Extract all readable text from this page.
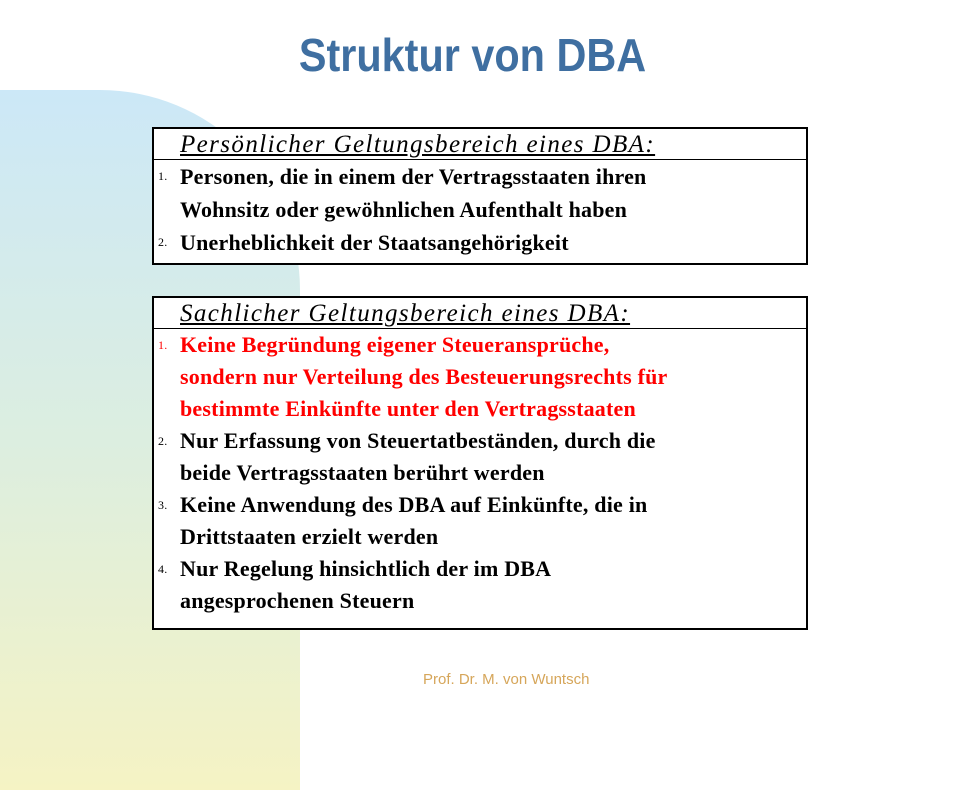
Struktur von DBA
Persönlicher Geltungsbereich eines DBA:
1. Personen, die in einem der Vertragsstaaten ihren
Wohnsitz oder gewöhnlichen Aufenthalt haben
2. Unerheblichkeit der Staatsangehörigkeit
Sachlicher Geltungsbereich eines DBA:
1. Keine Begründung eigener Steueransprüche,
sondern nur Verteilung des Besteuerungsrechts für
bestimmte Einkünfte unter den Vertragsstaaten
2. Nur Erfassung von Steuertatbeständen, durch die
beide Vertragsstaaten berührt werden
3. Keine Anwendung des DBA auf Einkünfte, die in
Drittstaaten erzielt werden
4. Nur Regelung hinsichtlich der im DBA
angesprochenen Steuern
Prof. Dr. M. von Wuntsch
